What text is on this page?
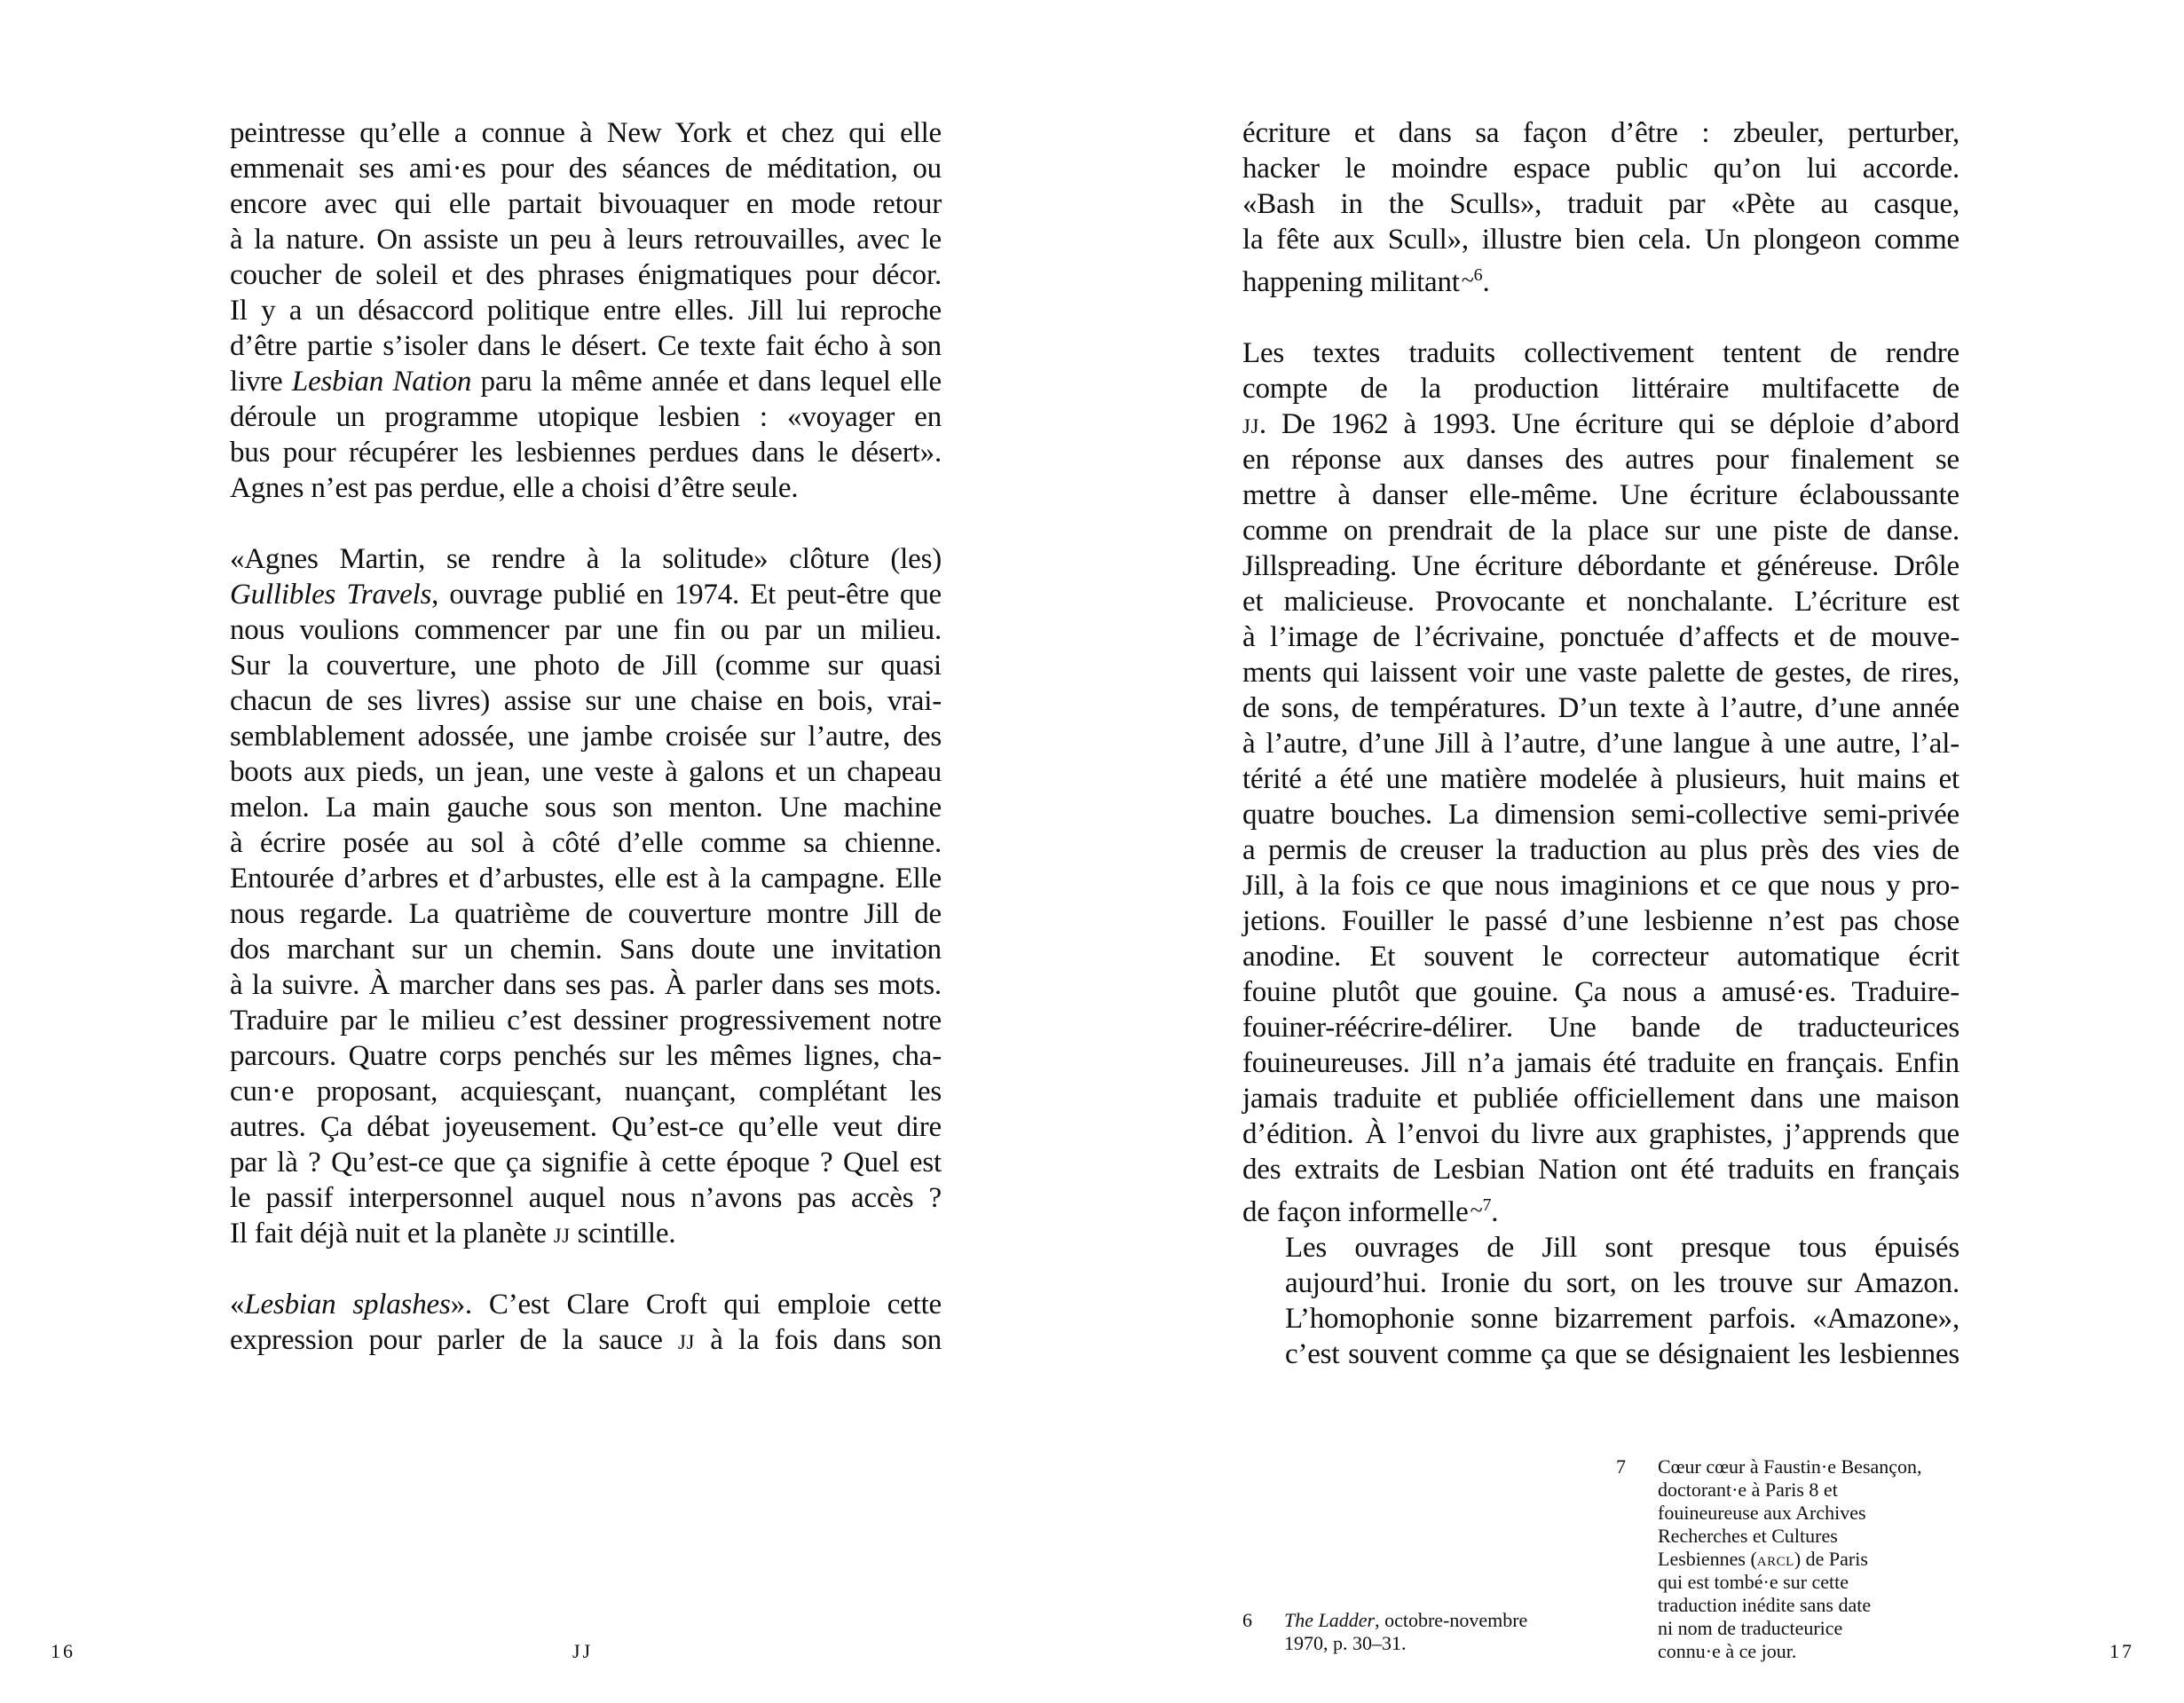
peintresse qu’elle a connue à New York et chez qui elle
emmenait ses ami·es pour des séances de méditation, ou
encore avec qui elle partait bivouaquer en mode retour
à la nature. On assiste un peu à leurs retrouvailles, avec le
coucher de soleil et des phrases énigmatiques pour décor.
Il y a un désaccord politique entre elles. Jill lui reproche
d’être partie s’isoler dans le désert. Ce texte fait écho à son
livre Lesbian Nation paru la même année et dans lequel elle
déroule un programme utopique lesbien : «voyager en
bus pour récupérer les lesbiennes perdues dans le désert».
Agnes n’est pas perdue, elle a choisi d’être seule.

«Agnes Martin, se rendre à la solitude» clôture (les)
Gullibles Travels, ouvrage publié en 1974. Et peut-être que
nous voulions commencer par une fin ou par un milieu.
Sur la couverture, une photo de Jill (comme sur quasi
chacun de ses livres) assise sur une chaise en bois, vrai-
semblablement adossée, une jambe croisée sur l’autre, des
boots aux pieds, un jean, une veste à galons et un chapeau
melon. La main gauche sous son menton. Une machine
à écrire posée au sol à côté d’elle comme sa chienne.
Entourée d’arbres et d’arbustes, elle est à la campagne. Elle
nous regarde. La quatrième de couverture montre Jill de
dos marchant sur un chemin. Sans doute une invitation
à la suivre. À marcher dans ses pas. À parler dans ses mots.
Traduire par le milieu c’est dessiner progressivement notre
parcours. Quatre corps penchés sur les mêmes lignes, cha-
cun·e proposant, acquiesçant, nuançant, complétant les
autres. Ça débat joyeusement. Qu’est-ce qu’elle veut dire
par là ? Qu’est-ce que ça signifie à cette époque ? Quel est
le passif interpersonnel auquel nous n’avons pas accès ?
Il fait déjà nuit et la planète jj scintille.

«Lesbian splashes». C’est Clare Croft qui emploie cette
expression pour parler de la sauce jj à la fois dans son

16	JJ

écriture et dans sa façon d’être : zbeuler, perturber,
hacker le moindre espace public qu’on lui accorde.
«Bash in the Sculls», traduit par «Pète au casque,
la fête aux Scull», illustre bien cela. Un plongeon comme
happening militant~$^6$.

Les textes traduits collectivement tentent de rendre
compte de la production littéraire multifacette de
jj. De 1962 à 1993. Une écriture qui se déploie d’abord
en réponse aux danses des autres pour finalement se
mettre à danser elle-même. Une écriture éclaboussante
comme on prendrait de la place sur une piste de danse.
Jillspreading. Une écriture débordante et généreuse. Drôle
et malicieuse. Provocante et nonchalante. L’écriture est
à l’image de l’écrivaine, ponctuée d’affects et de mouve-
ments qui laissent voir une vaste palette de gestes, de rires,
de sons, de températures. D’un texte à l’autre, d’une année
à l’autre, d’une Jill à l’autre, d’une langue à une autre, l’al-
térité a été une matière modelée à plusieurs, huit mains et
quatre bouches. La dimension semi-collective semi-privée
a permis de creuser la traduction au plus près des vies de
Jill, à la fois ce que nous imaginions et ce que nous y pro-
jetions. Fouiller le passé d’une lesbienne n’est pas chose
anodine. Et souvent le correcteur automatique écrit
fouine plutôt que gouine. Ça nous a amusé·es. Traduire-
fouiner-réécrire-délirer. Une bande de traducteurices
fouineureuses. Jill n’a jamais été traduite en français. Enfin
jamais traduite et publiée officiellement dans une maison
d’édition. À l’envoi du livre aux graphistes, j’apprends que
des extraits de Lesbian Nation ont été traduits en français
de façon informelle~$^7$.

Les ouvrages de Jill sont presque tous épuisés
aujourd’hui. Ironie du sort, on les trouve sur Amazon.
L’homophonie sonne bizarrement parfois. «Amazone»,
c’est souvent comme ça que se désignaient les lesbiennes

6 The Ladder, octobre-novembre
1970, p. 30–31.
7 Cœur cœur à Faustin·e Besançon,
doctorant·e à Paris 8 et
fouineureuse aux Archives
Recherches et Cultures
Lesbiennes (arcl) de Paris
qui est tombé·e sur cette
traduction inédite sans date
ni nom de traducteurice
connu·e à ce jour.	17
